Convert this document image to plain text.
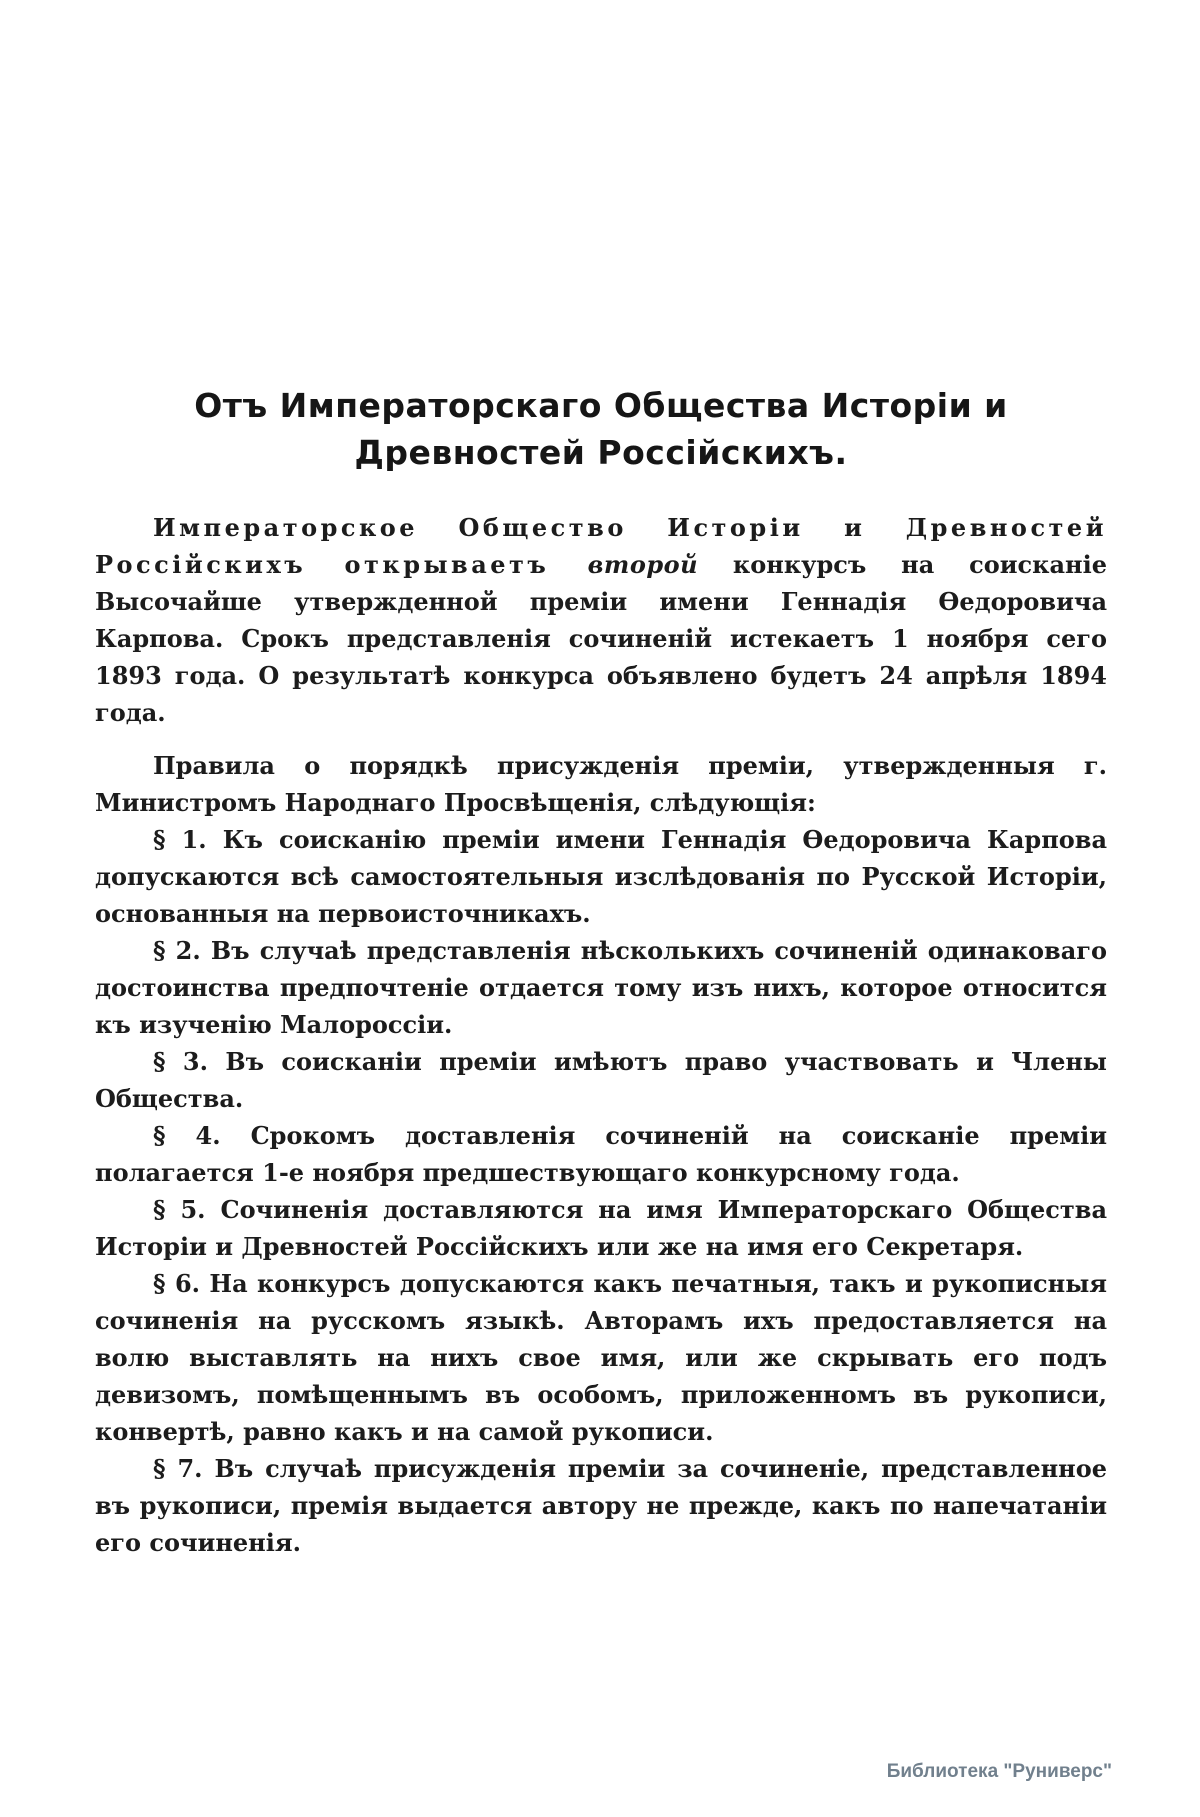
Отъ Императорскаго Общества Исторіи и Древностей Россійскихъ.

Императорское Общество Исторіи и Древностей Россійскихъ открываетъ второй конкурсъ на соисканіе Высочайше утвержденной преміи имени Геннадія Ѳедоровича Карпова. Срокъ представленія сочиненій истекаетъ 1 ноября сего 1893 года. О результатѣ конкурса объявлено будетъ 24 апрѣля 1894 года.

Правила о порядкѣ присужденія преміи, утвержденныя г. Министромъ Народнаго Просвѣщенія, слѣдующія:

§ 1. Къ соисканію преміи имени Геннадія Ѳедоровича Карпова допускаются всѣ самостоятельныя изслѣдованія по Русской Исторіи, основанныя на первоисточникахъ.

§ 2. Въ случаѣ представленія нѣсколькихъ сочиненій одинаковаго достоинства предпочтеніе отдается тому изъ нихъ, которое относится къ изученію Малороссіи.

§ 3. Въ соисканіи преміи имѣютъ право участвовать и Члены Общества.

§ 4. Срокомъ доставленія сочиненій на соисканіе преміи полагается 1-е ноября предшествующаго конкурсному года.

§ 5. Сочиненія доставляются на имя Императорскаго Общества Исторіи и Древностей Россійскихъ или же на имя его Секретаря.

§ 6. На конкурсъ допускаются какъ печатныя, такъ и рукописныя сочиненія на русскомъ языкѣ. Авторамъ ихъ предоставляется на волю выставлять на нихъ свое имя, или же скрывать его подъ девизомъ, помѣщеннымъ въ особомъ, приложенномъ въ рукописи, конвертѣ, равно какъ и на самой рукописи.

§ 7. Въ случаѣ присужденія преміи за сочиненіе, представленное въ рукописи, премія выдается автору не прежде, какъ по напечатаніи его сочиненія.

Библиотека "Руниверс"
